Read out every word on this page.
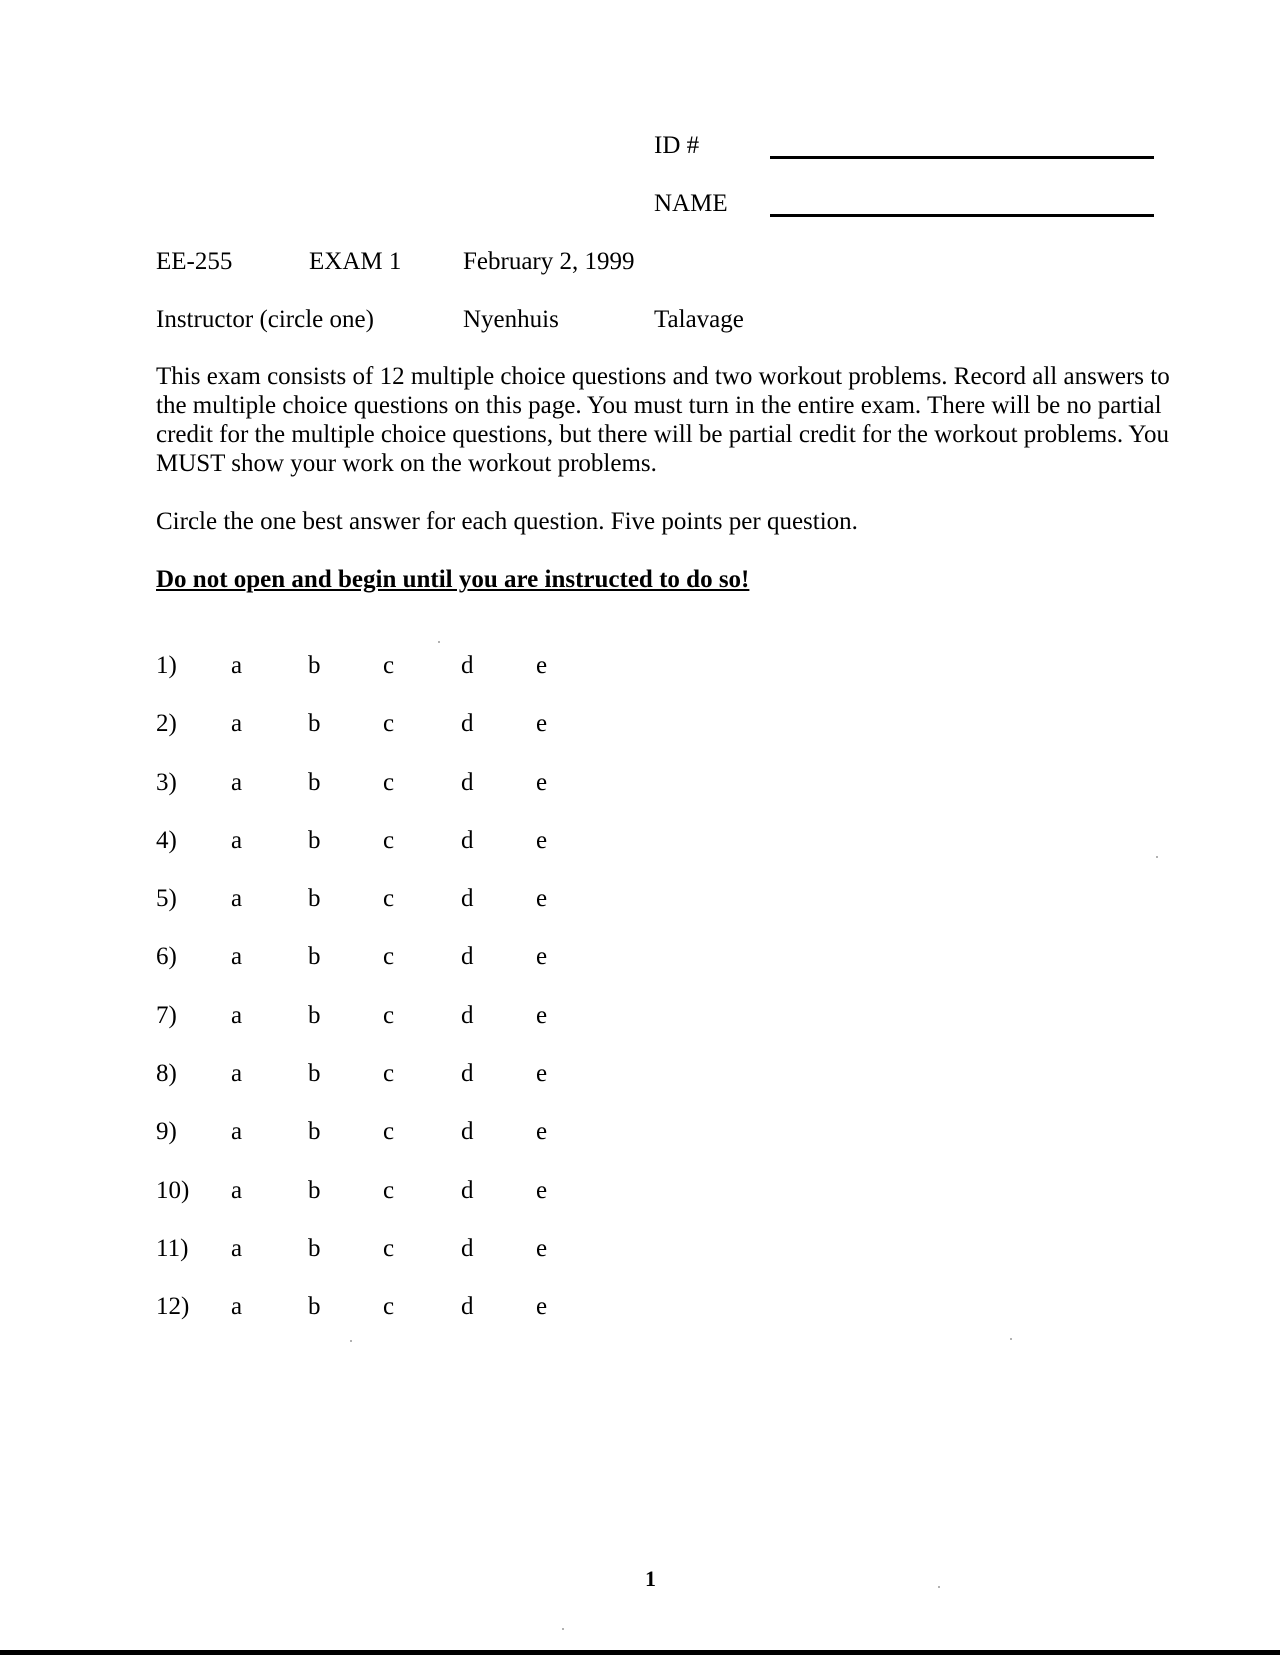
ID #
NAME
EE-255	EXAM 1 February 2, 1999
Instructor (circle one)	Nyenhuis	Talavage
This exam consists of 12 multiple choice questions and two workout problems. Record all answers to the multiple choice questions on this page. You must turn in the entire exam. There will be no partial credit for the multiple choice questions, but there will be partial credit for the workout problems. You MUST show your work on the workout problems.
Circle the one best answer for each question. Five points per question.
Do not open and begin until you are instructed to do so!
1) a	b	c	d	e
2) a	b	c	d	e
3) a	b	c	d	e
4) a	b	c	d	e
5) a	b	c	d	e
6) a	b	c	d	e
7) a	b	c	d	e
8) a	b	c	d	e
9) a	b	c	d	e
10) a	b	c	d	e
11) a	b	c	d	e
12) a	b	c	d	e
1
